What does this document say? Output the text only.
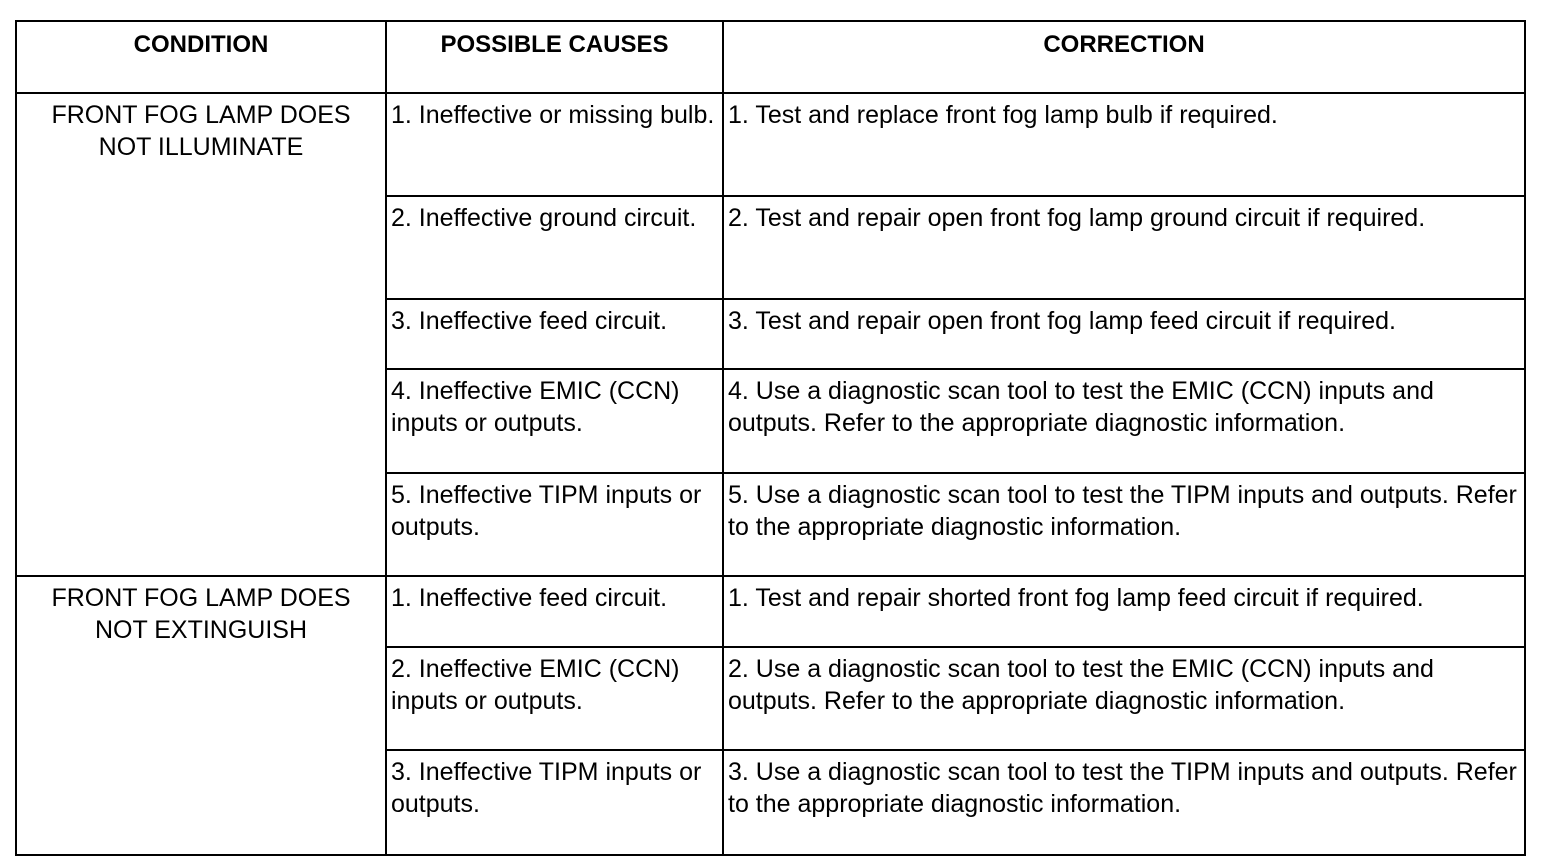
CONDITION	POSSIBLE CAUSES	CORRECTION
FRONT FOG LAMP DOES NOT ILLUMINATE	1. Ineffective or missing bulb.	1. Test and replace front fog lamp bulb if required.
	2. Ineffective ground circuit.	2. Test and repair open front fog lamp ground circuit if required.
	3. Ineffective feed circuit.	3. Test and repair open front fog lamp feed circuit if required.
	4. Ineffective EMIC (CCN) inputs or outputs.	4. Use a diagnostic scan tool to test the EMIC (CCN) inputs and outputs. Refer to the appropriate diagnostic information.
	5. Ineffective TIPM inputs or outputs.	5. Use a diagnostic scan tool to test the TIPM inputs and outputs. Refer to the appropriate diagnostic information.
FRONT FOG LAMP DOES NOT EXTINGUISH	1. Ineffective feed circuit.	1. Test and repair shorted front fog lamp feed circuit if required.
	2. Ineffective EMIC (CCN) inputs or outputs.	2. Use a diagnostic scan tool to test the EMIC (CCN) inputs and outputs. Refer to the appropriate diagnostic information.
	3. Ineffective TIPM inputs or outputs.	3. Use a diagnostic scan tool to test the TIPM inputs and outputs. Refer to the appropriate diagnostic information.
